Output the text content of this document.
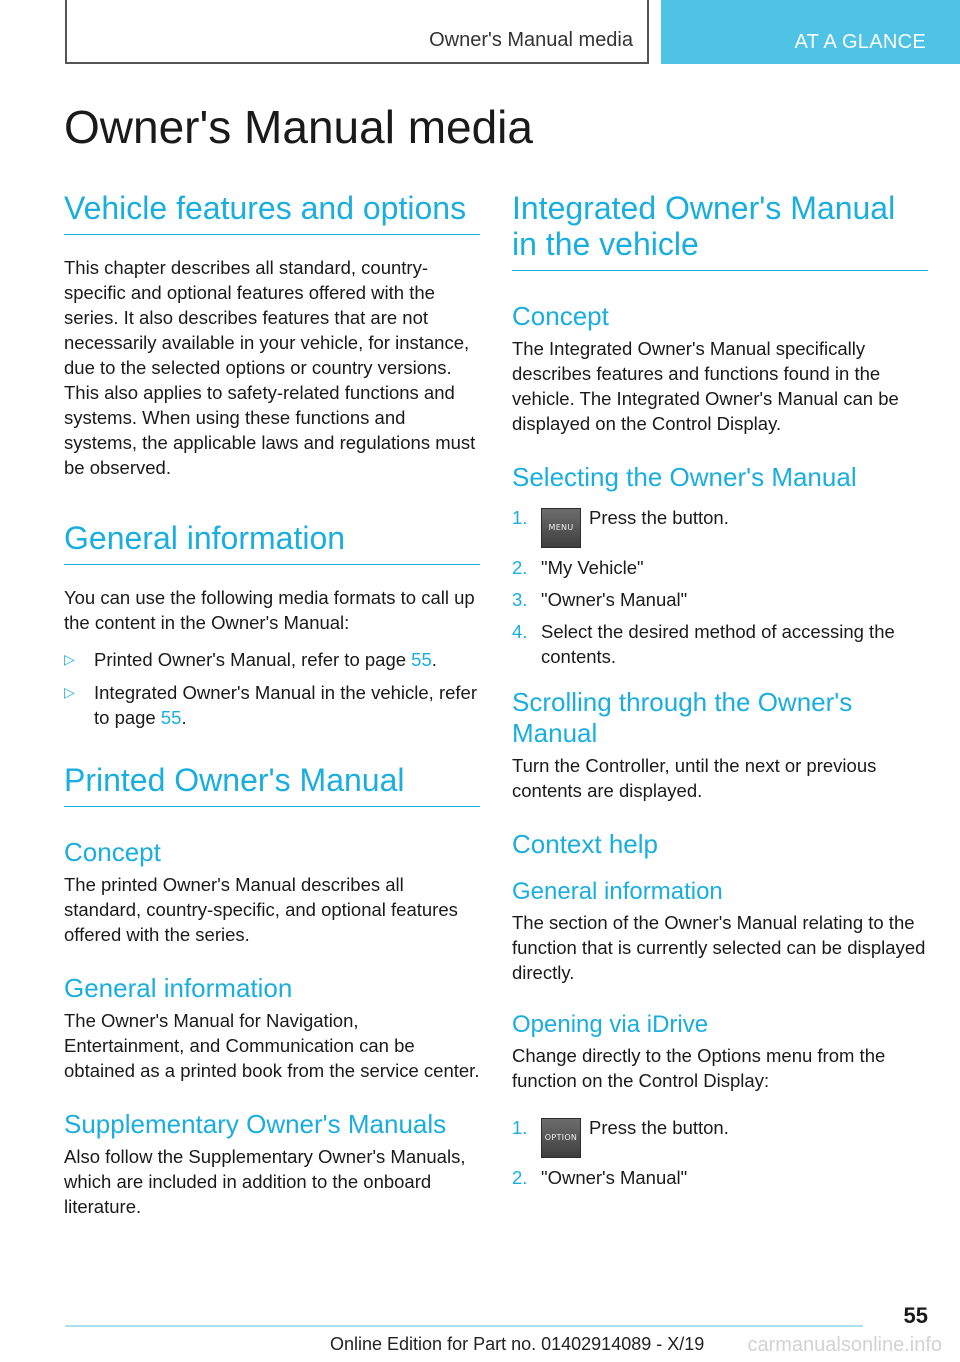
Owner's Manual media	AT A GLANCE
Owner's Manual media
Vehicle features and options

This chapter describes all standard, country-specific and optional features offered with the series. It also describes features that are not necessarily available in your vehicle, for instance, due to the selected options or country versions. This also applies to safety-related functions and systems. When using these functions and systems, the applicable laws and regulations must be observed.

General information

You can use the following media formats to call up the content in the Owner's Manual:

▷ Printed Owner's Manual, refer to page 55.
▷ Integrated Owner's Manual in the vehicle, refer to page 55.
Printed Owner's Manual
Concept

The printed Owner's Manual describes all standard, country-specific, and optional features offered with the series.

General information

The Owner's Manual for Navigation, Entertainment, and Communication can be obtained as a printed book from the service center.

Supplementary Owner's Manuals

Also follow the Supplementary Owner's Manuals, which are included in addition to the onboard literature.

Integrated Owner's Manual in the vehicle
Concept

The Integrated Owner's Manual specifically describes features and functions found in the vehicle. The Integrated Owner's Manual can be displayed on the Control Display.

Selecting the Owner's Manual
1.	MENU Press the button.
2. "My Vehicle"
3. "Owner's Manual"
4. Select the desired method of accessing the contents.
Scrolling through the Owner's Manual

Turn the Controller, until the next or previous contents are displayed.

Context help
General information

The section of the Owner's Manual relating to the function that is currently selected can be displayed directly.

Opening via iDrive

Change directly to the Options menu from the function on the Control Display:

1. OPTION Press the button.
2. "Owner's Manual"
55
Online Edition for Part no. 01402914089 - X/19 carmanualsonline.info
